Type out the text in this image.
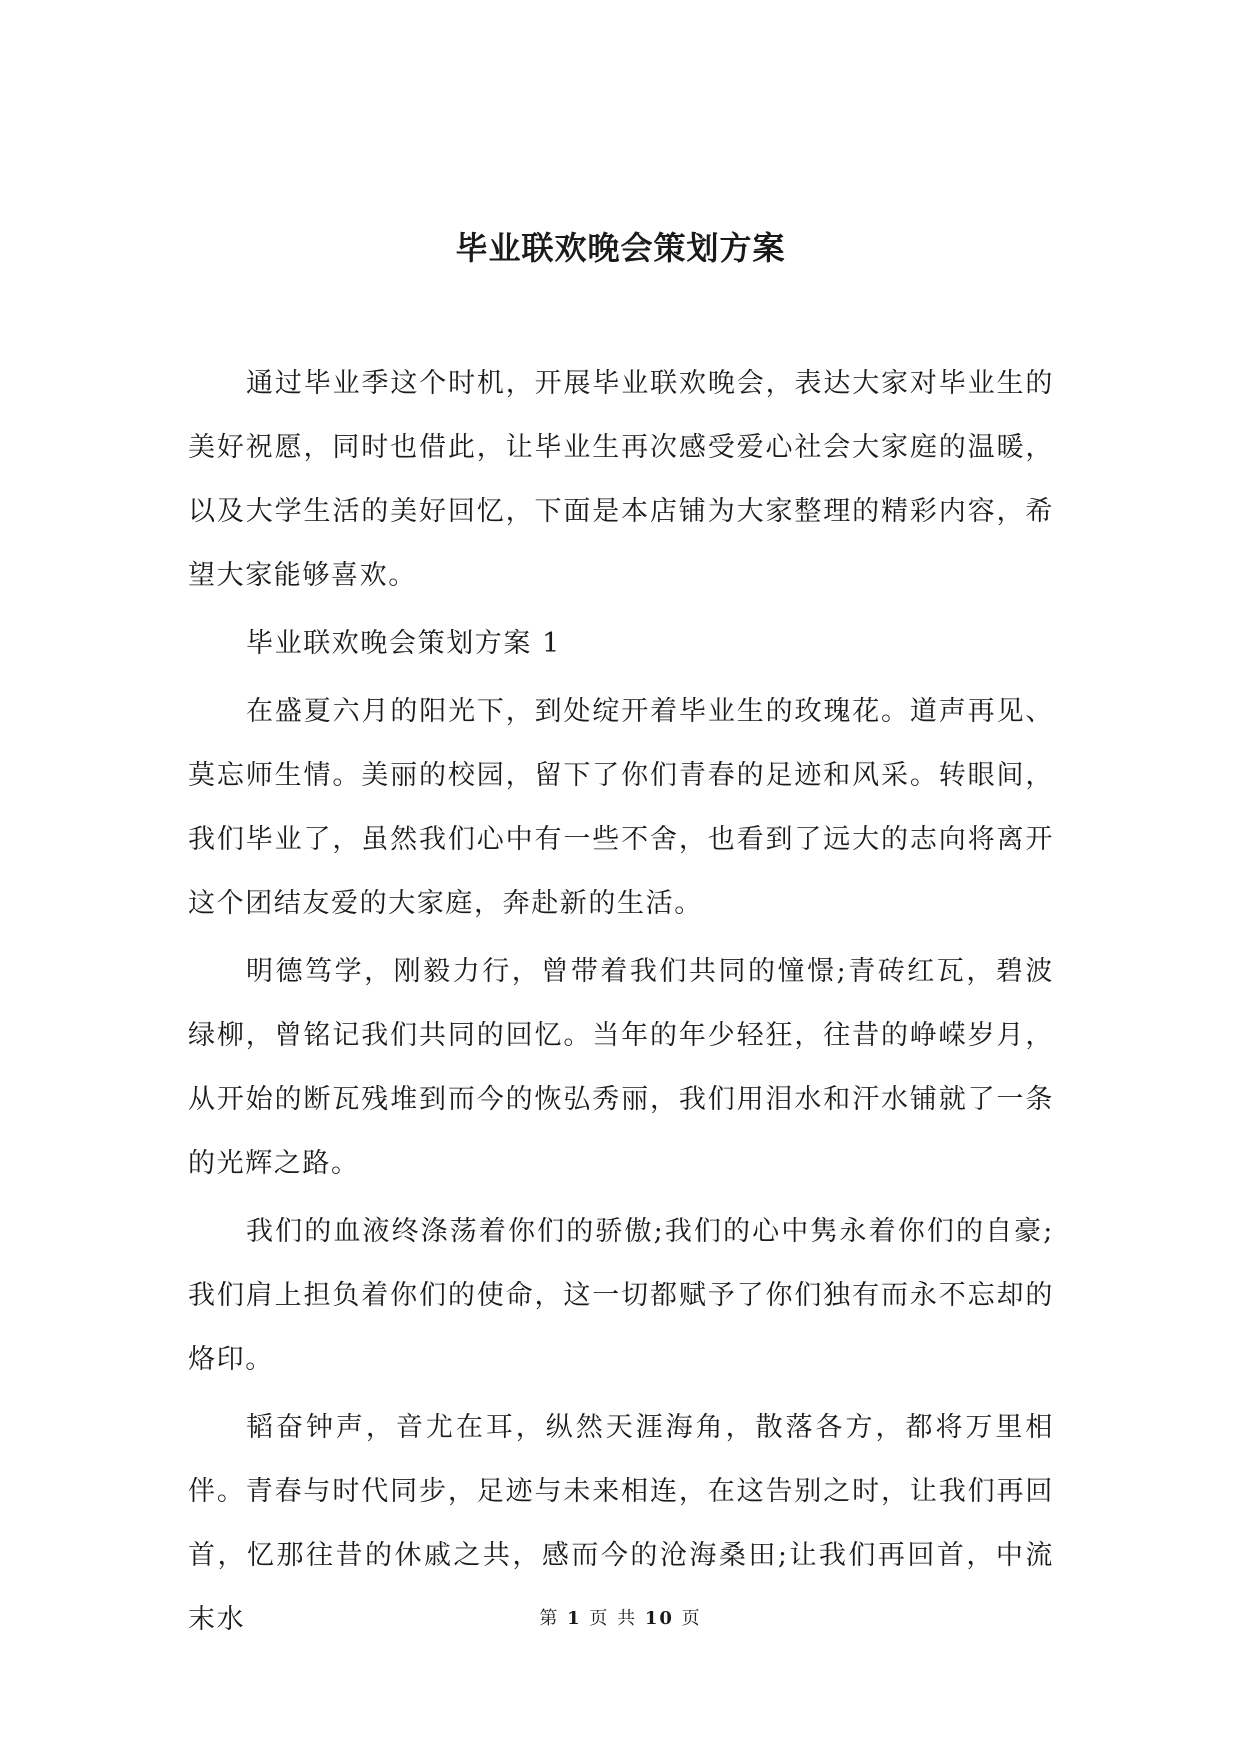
毕业联欢晚会策划方案

通过毕业季这个时机，开展毕业联欢晚会，表达大家对毕业生的美好祝愿，同时也借此，让毕业生再次感受爱心社会大家庭的温暖，以及大学生活的美好回忆，下面是本店铺为大家整理的精彩内容，希望大家能够喜欢。

毕业联欢晚会策划方案 1

在盛夏六月的阳光下，到处绽开着毕业生的玫瑰花。道声再见、莫忘师生情。美丽的校园，留下了你们青春的足迹和风采。转眼间，我们毕业了，虽然我们心中有一些不舍，也看到了远大的志向将离开这个团结友爱的大家庭，奔赴新的生活。

明德笃学，刚毅力行，曾带着我们共同的憧憬;青砖红瓦，碧波绿柳，曾铭记我们共同的回忆。当年的年少轻狂，往昔的峥嵘岁月，从开始的断瓦残堆到而今的恢弘秀丽，我们用泪水和汗水铺就了一条的光辉之路。

我们的血液终涤荡着你们的骄傲;我们的心中隽永着你们的自豪;我们肩上担负着你们的使命，这一切都赋予了你们独有而永不忘却的烙印。

韬奋钟声，音尤在耳，纵然天涯海角，散落各方，都将万里相伴。青春与时代同步，足迹与未来相连，在这告别之时，让我们再回首，忆那往昔的休戚之共，感而今的沧海桑田;让我们再回首，中流末水	第 1 页 共 10 页
